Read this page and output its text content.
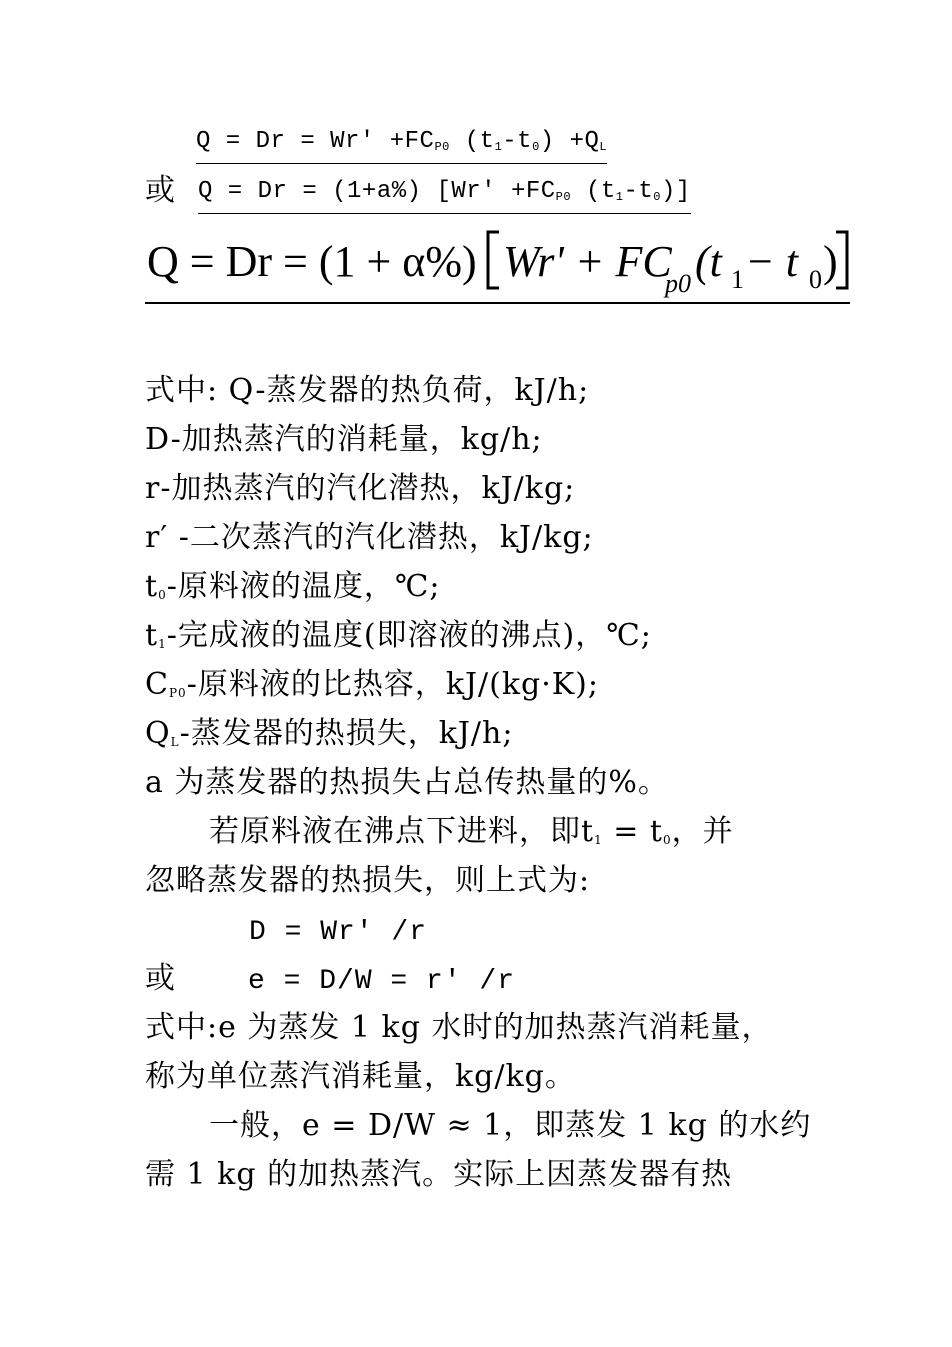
$Q = Dr = Wr' +FC_{P0}$ $(t_1-t_0) +Q_L$
或 Q = Dr = (1+a%) [$Wr' +FC_{P0}$ $(t_1-t_0)$]
Q = Dr = (1 + α%) Wr' + FC
p0 (t 1 − t 0 )
式中: Q-蒸发器的热负荷，kJ/h;
D-加热蒸汽的消耗量，kg/h;
r-加热蒸汽的汽化潜热，kJ/kg;
r′ -二次蒸汽的汽化潜热，kJ/kg;
$t_0-$原料液的温度，℃;
$t_1-$完成液的温度(即溶液的沸点)，℃;
$C_{P0}-$原料液的比热容，kJ/(kg·K);
$Q_L-$蒸发器的热损失，kJ/h;
a 为蒸发器的热损失占总传热量的%。
若原料液在沸点下进料，即$t_1 = t_0$，并
忽略蒸发器的热损失，则上式为:
D = Wr′ /r
或	e = D/W = r′ /r
式中:e 为蒸发 1 kg 水时的加热蒸汽消耗量，
称为单位蒸汽消耗量，kg/kg。
一般，e = D/W ≈ 1，即蒸发 1 kg 的水约
需 1 kg 的加热蒸汽。实际上因蒸发器有热
